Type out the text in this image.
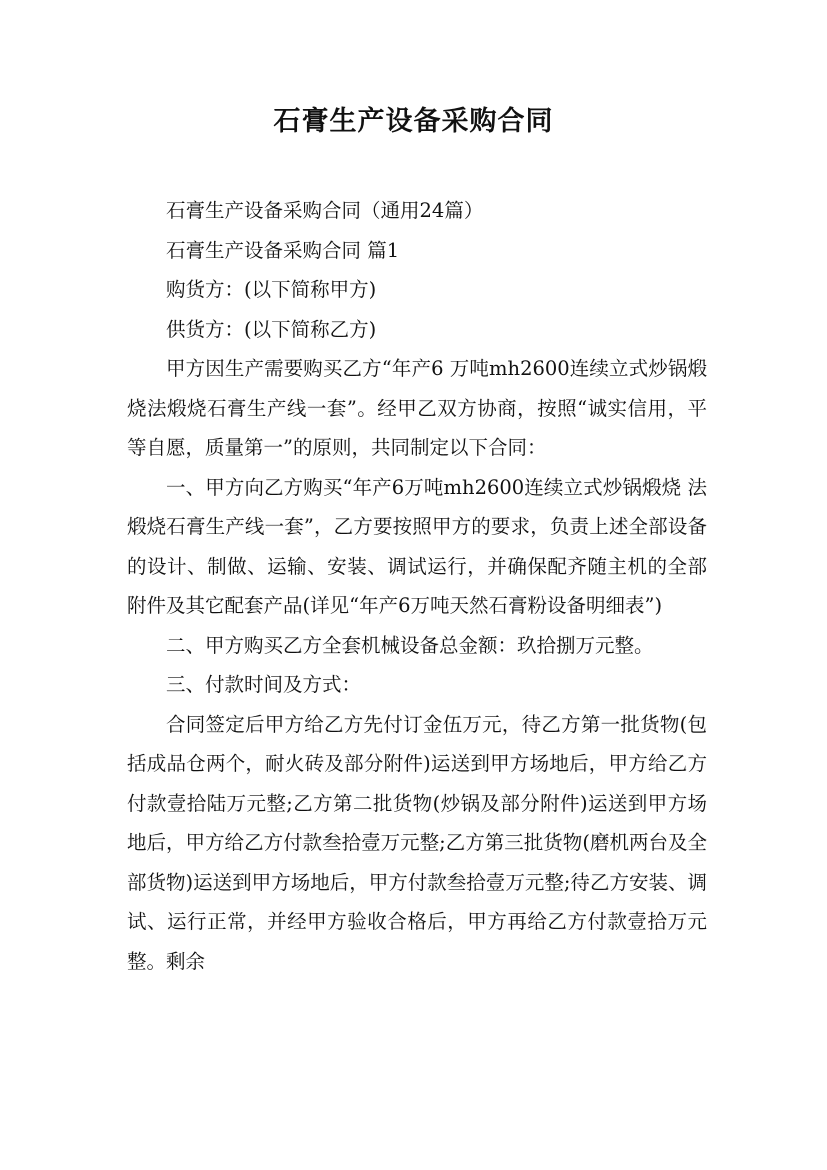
石膏生产设备采购合同

石膏生产设备采购合同（通用24篇）

石膏生产设备采购合同 篇1

购货方：(以下简称甲方)

供货方：(以下简称乙方)

甲方因生产需要购买乙方“年产6 万吨mh2600连续立式炒锅煅烧法煅烧石膏生产线一套”。经甲乙双方协商，按照“诚实信用，平等自愿，质量第一”的原则，共同制定以下合同：

一、甲方向乙方购买“年产6万吨mh2600连续立式炒锅煅烧 法煅烧石膏生产线一套”，乙方要按照甲方的要求，负责上述全部设备的设计、制做、运输、安装、调试运行，并确保配齐随主机的全部附件及其它配套产品(详见“年产6万吨天然石膏粉设备明细表”)

二、甲方购买乙方全套机械设备总金额：玖拾捌万元整。

三、付款时间及方式：

合同签定后甲方给乙方先付订金伍万元，待乙方第一批货物(包括成品仓两个，耐火砖及部分附件)运送到甲方场地后，甲方给乙方付款壹拾陆万元整;乙方第二批货物(炒锅及部分附件)运送到甲方场地后，甲方给乙方付款叁拾壹万元整;乙方第三批货物(磨机两台及全部货物)运送到甲方场地后，甲方付款叁拾壹万元整;待乙方安装、调试、运行正常，并经甲方验收合格后，甲方再给乙方付款壹拾万元整。剩余
